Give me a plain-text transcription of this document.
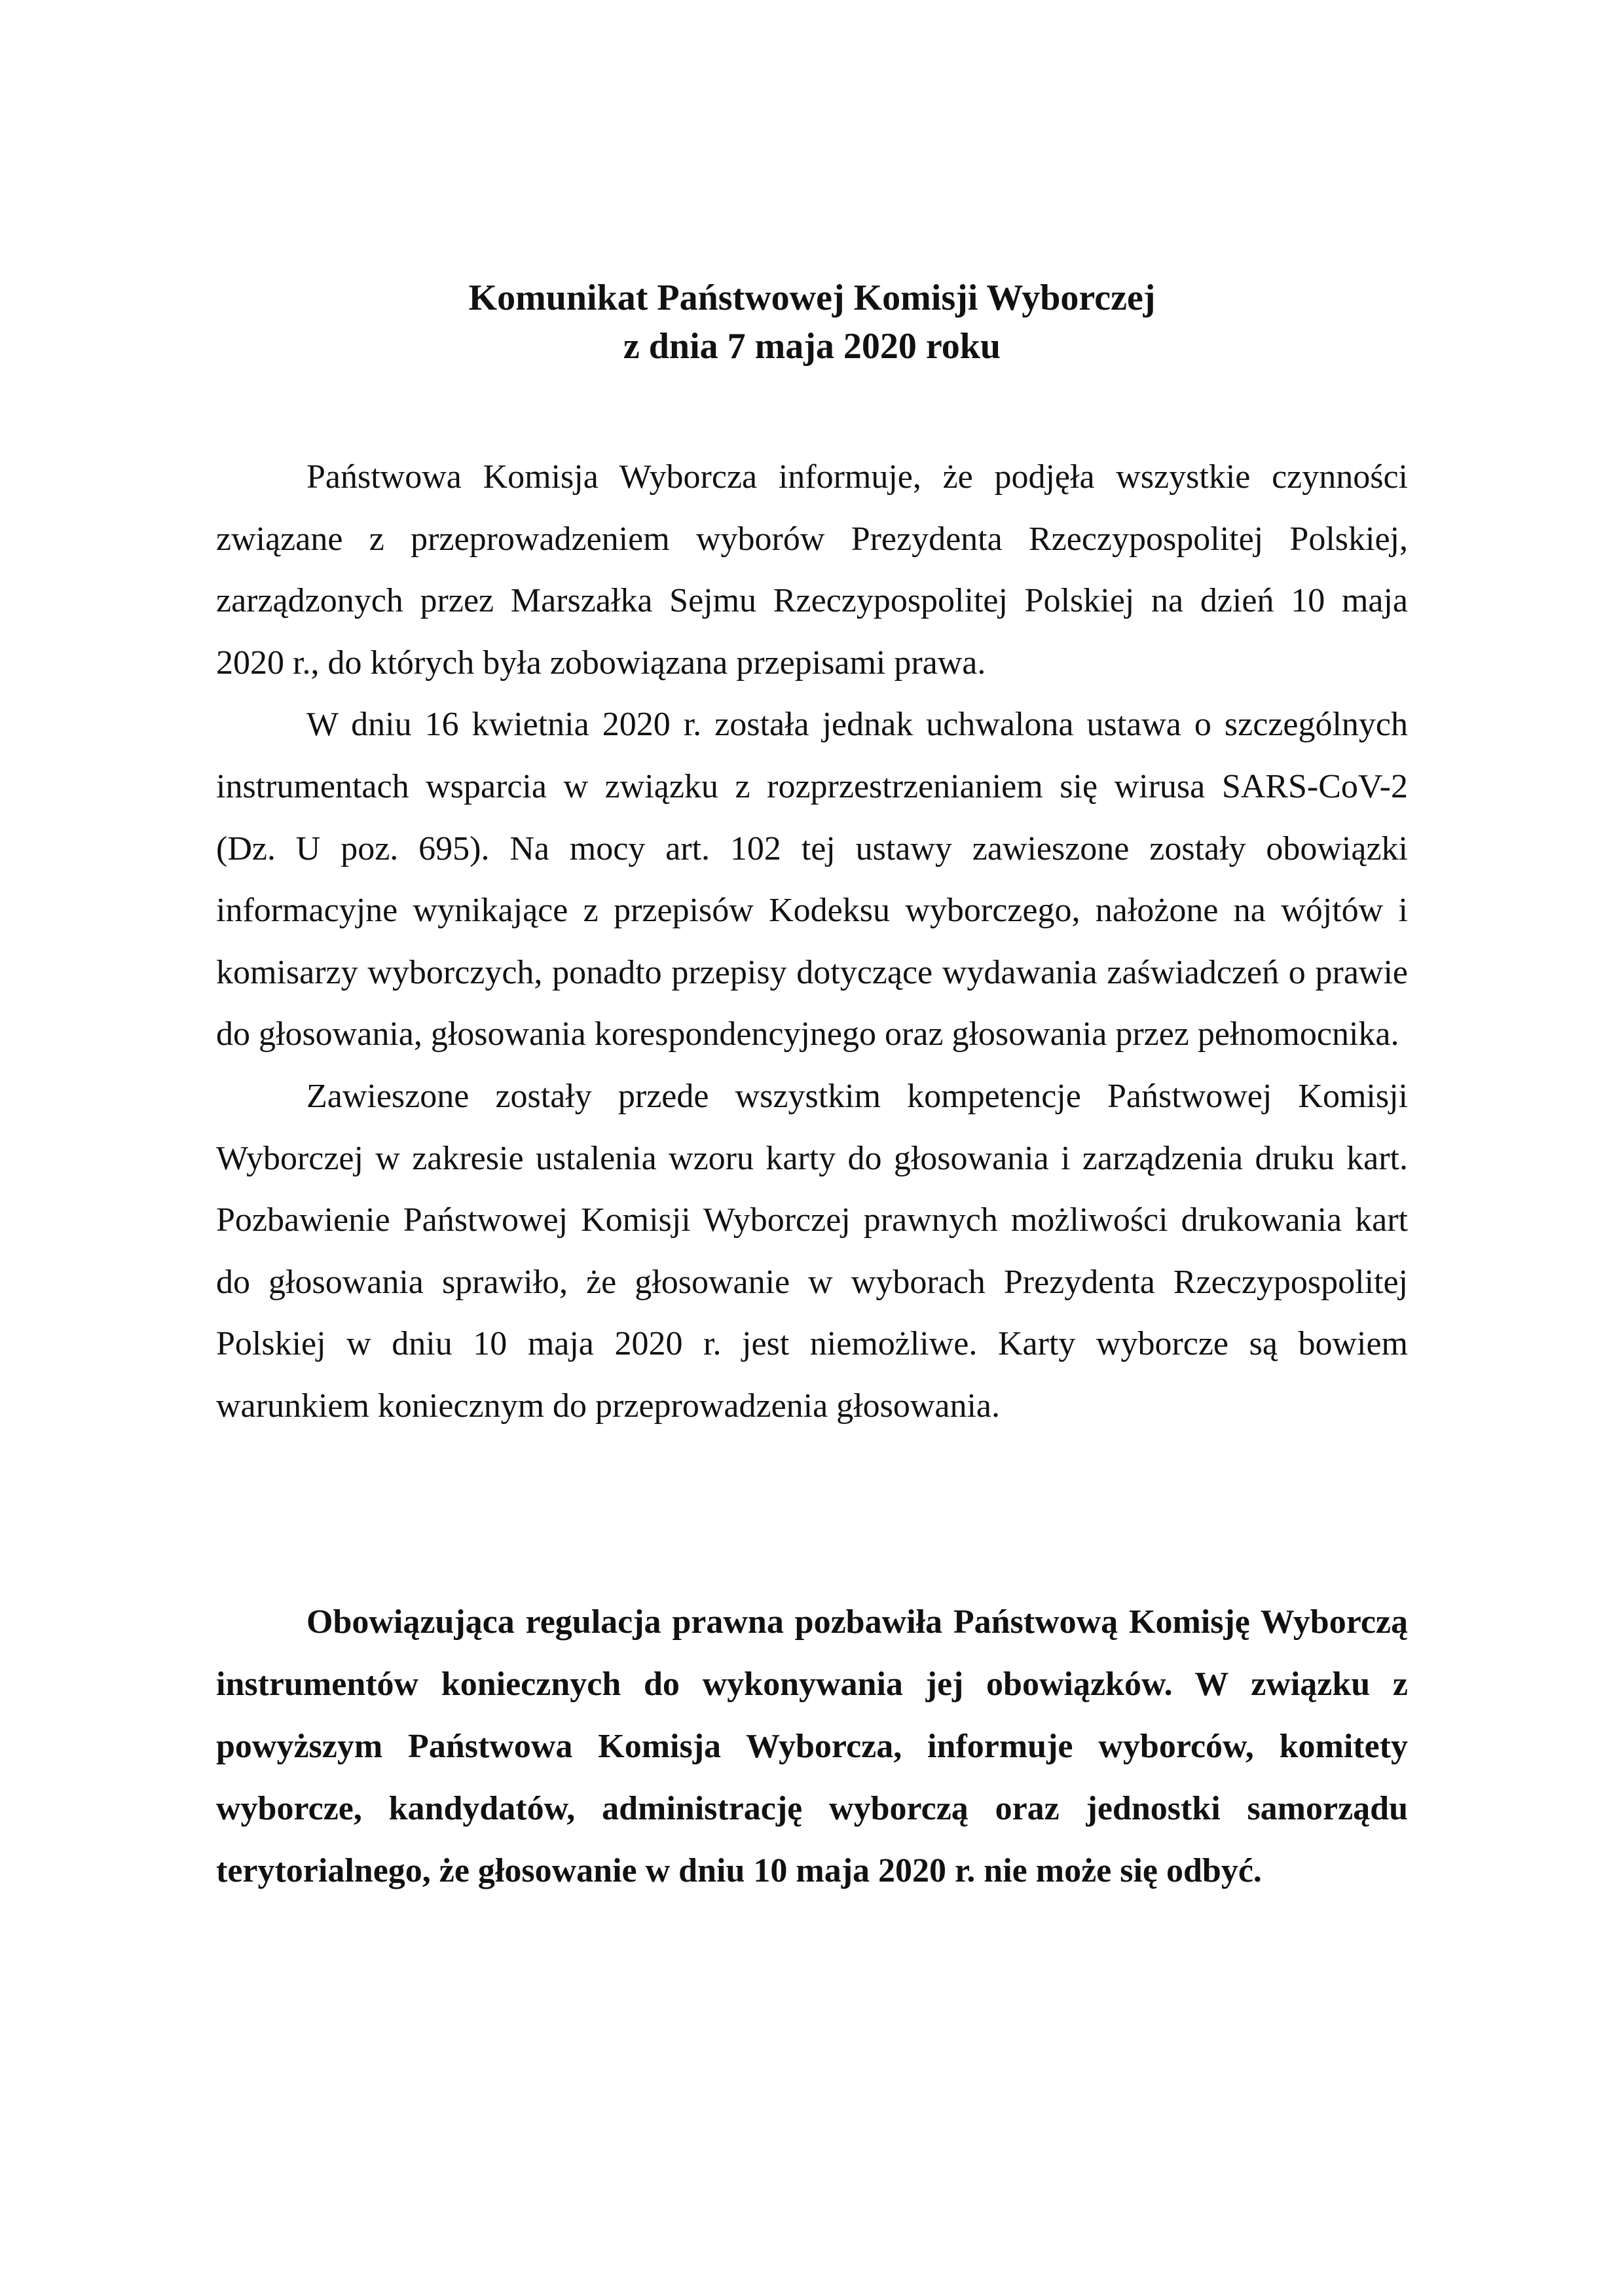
Komunikat Państwowej Komisji Wyborczej
z dnia 7 maja 2020 roku

Państwowa Komisja Wyborcza informuje, że podjęła wszystkie czynności związane z przeprowadzeniem wyborów Prezydenta Rzeczypospolitej Polskiej, zarządzonych przez Marszałka Sejmu Rzeczypospolitej Polskiej na dzień 10 maja 2020 r., do których była zobowiązana przepisami prawa.

W dniu 16 kwietnia 2020 r. została jednak uchwalona ustawa o szczególnych instrumentach wsparcia w związku z rozprzestrzenianiem się wirusa SARS-CoV-2 (Dz. U poz. 695). Na mocy art. 102 tej ustawy zawieszone zostały obowiązki informacyjne wynikające z przepisów Kodeksu wyborczego, nałożone na wójtów i komisarzy wyborczych, ponadto przepisy dotyczące wydawania zaświadczeń o prawie do głosowania, głosowania korespondencyjnego oraz głosowania przez pełnomocnika.

Zawieszone zostały przede wszystkim kompetencje Państwowej Komisji Wyborczej w zakresie ustalenia wzoru karty do głosowania i zarządzenia druku kart. Pozbawienie Państwowej Komisji Wyborczej prawnych możliwości drukowania kart do głosowania sprawiło, że głosowanie w wyborach Prezydenta Rzeczypospolitej Polskiej w dniu 10 maja 2020 r. jest niemożliwe. Karty wyborcze są bowiem warunkiem koniecznym do przeprowadzenia głosowania.

Obowiązująca regulacja prawna pozbawiła Państwową Komisję Wyborczą instrumentów koniecznych do wykonywania jej obowiązków. W związku z powyższym Państwowa Komisja Wyborcza, informuje wyborców, komitety wyborcze, kandydatów, administrację wyborczą oraz jednostki samorządu terytorialnego, że głosowanie w dniu 10 maja 2020 r. nie może się odbyć.
